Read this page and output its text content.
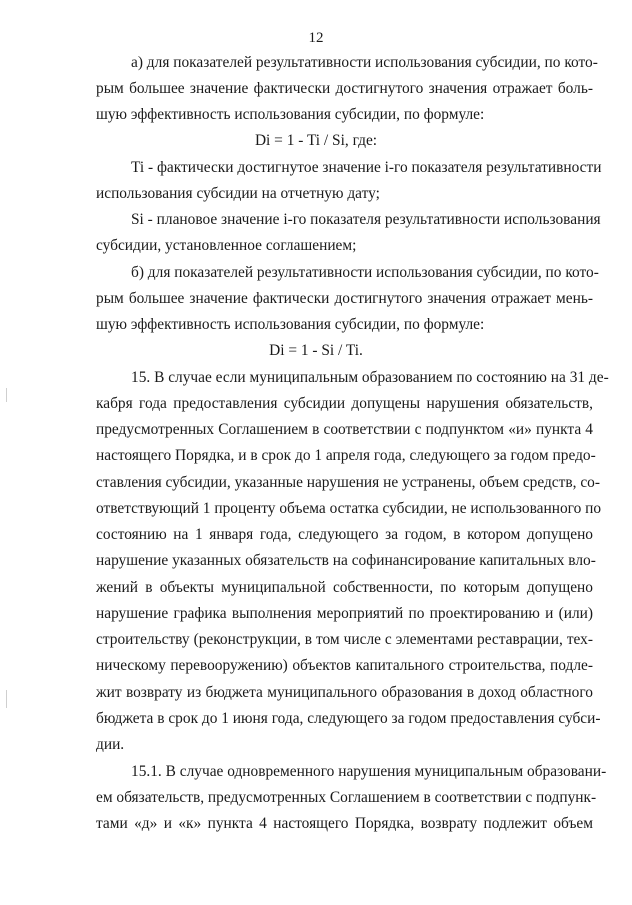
12
а) для показателей результативности использования субсидии, по кото-
рым большее значение фактически достигнутого значения отражает боль-
шую эффективность использования субсидии, по формуле:
Di = 1 - Ti / Si, где:
Ti - фактически достигнутое значение i-го показателя результативности
использования субсидии на отчетную дату;
Si - плановое значение i-го показателя результативности использования
субсидии, установленное соглашением;
б) для показателей результативности использования субсидии, по кото-
рым большее значение фактически достигнутого значения отражает мень-
шую эффективность использования субсидии, по формуле:
Di = 1 - Si / Ti.
15. В случае если муниципальным образованием по состоянию на 31 де-
кабря года предоставления субсидии допущены нарушения обязательств,
предусмотренных Соглашением в соответствии с подпунктом «и» пункта 4
настоящего Порядка, и в срок до 1 апреля года, следующего за годом предо-
ставления субсидии, указанные нарушения не устранены, объем средств, со-
ответствующий 1 проценту объема остатка субсидии, не использованного по
состоянию на 1 января года, следующего за годом, в котором допущено
нарушение указанных обязательств на софинансирование капитальных вло-
жений в объекты муниципальной собственности, по которым допущено
нарушение графика выполнения мероприятий по проектированию и (или)
строительству (реконструкции, в том числе с элементами реставрации, тех-
ническому перевооружению) объектов капитального строительства, подле-
жит возврату из бюджета муниципального образования в доход областного
бюджета в срок до 1 июня года, следующего за годом предоставления субси-
дии.
15.1. В случае одновременного нарушения муниципальным образовани-
ем обязательств, предусмотренных Соглашением в соответствии с подпунк-
тами «д» и «к» пункта 4 настоящего Порядка, возврату подлежит объем
